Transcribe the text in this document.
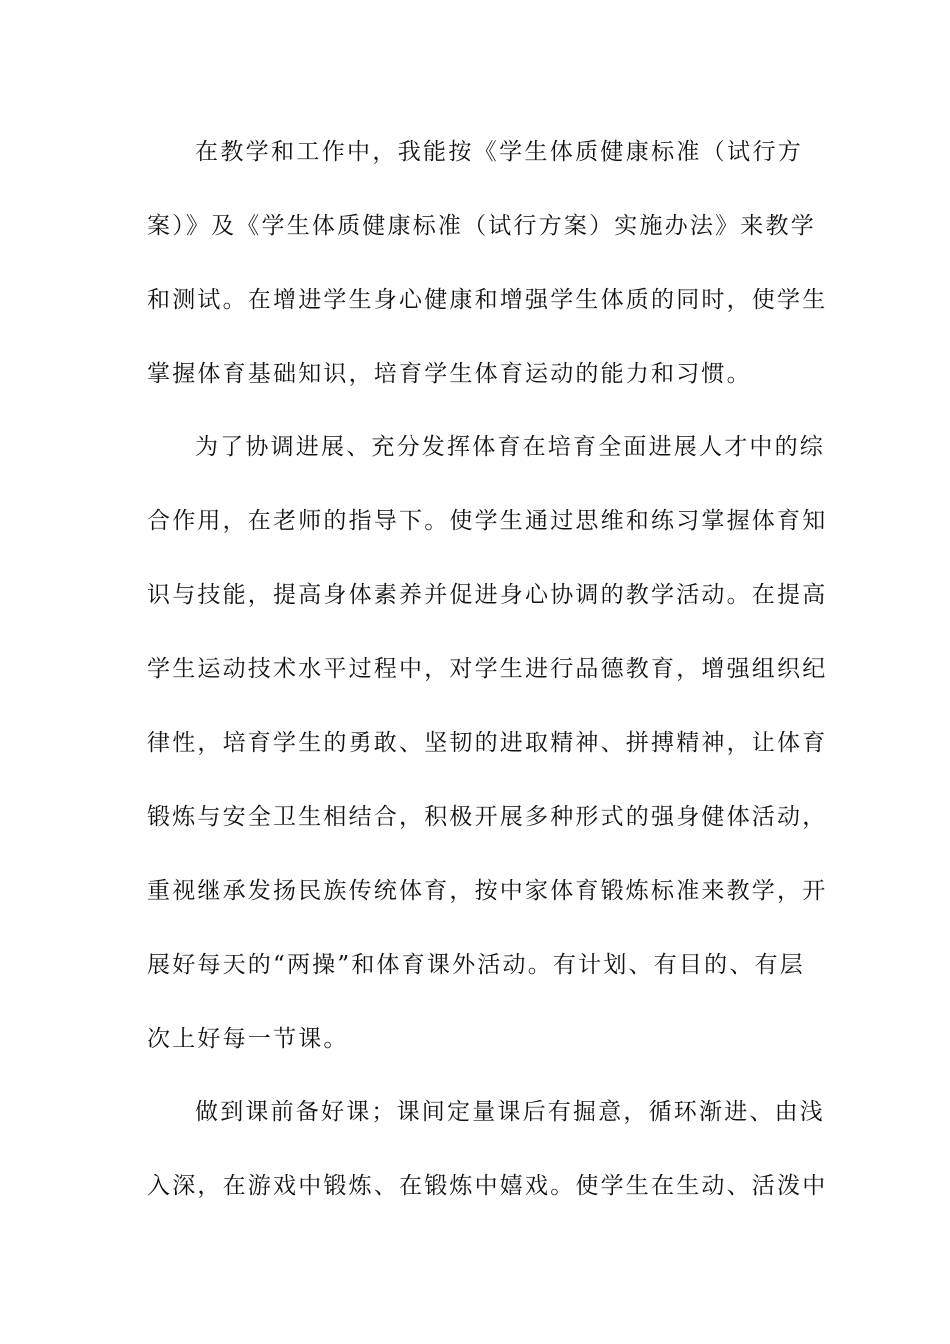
在教学和工作中，我能按《学生体质健康标准（试行方
案）》及《学生体质健康标准（试行方案）实施办法》来教学
和测试。在增进学生身心健康和增强学生体质的同时，使学生
掌握体育基础知识，培育学生体育运动的能力和习惯。
为了协调进展、充分发挥体育在培育全面进展人才中的综
合作用，在老师的指导下。使学生通过思维和练习掌握体育知
识与技能，提高身体素养并促进身心协调的教学活动。在提高
学生运动技术水平过程中，对学生进行品德教育，增强组织纪
律性，培育学生的勇敢、坚韧的进取精神、拼搏精神，让体育
锻炼与安全卫生相结合，积极开展多种形式的强身健体活动，
重视继承发扬民族传统体育，按中家体育锻炼标准来教学，开
展好每天的“两操”和体育课外活动。有计划、有目的、有层
次上好每一节课。
做到课前备好课；课间定量课后有掘意，循环渐进、由浅
入深，在游戏中锻炼、在锻炼中嬉戏。使学生在生动、活泼中
